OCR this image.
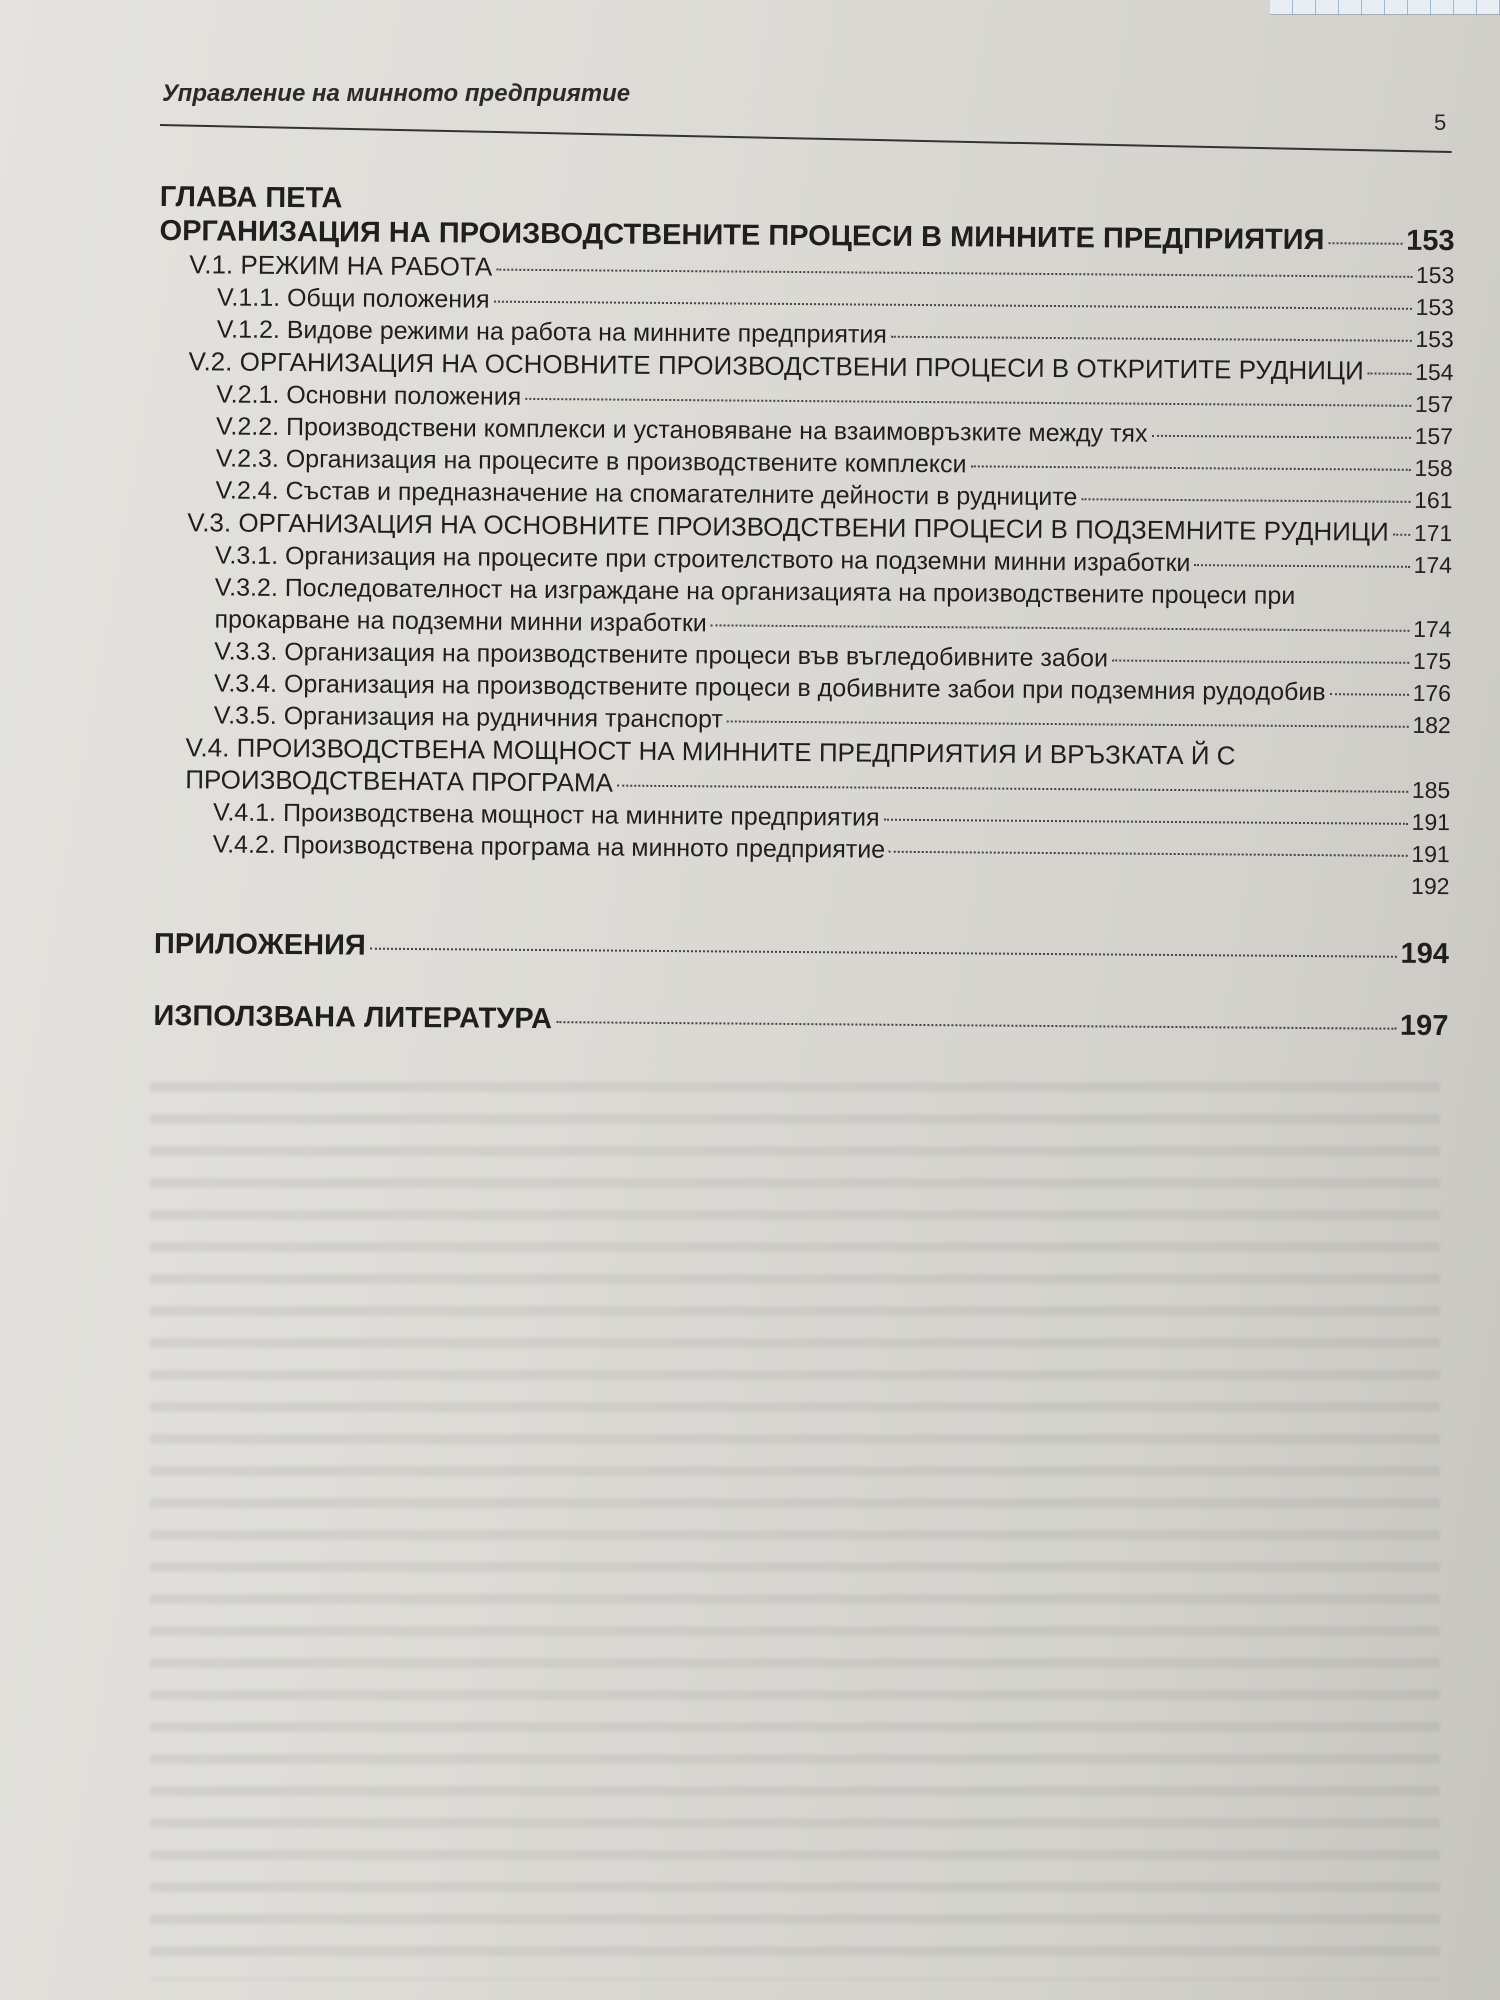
Управление на минното предприятие
5
ГЛАВА ПЕТА
ОРГАНИЗАЦИЯ НА ПРОИЗВОДСТВЕНИТЕ ПРОЦЕСИ В МИННИТЕ ПРЕДПРИЯТИЯ	153
V.1. РЕЖИМ НА РАБОТА	153
V.1.1. Общи положения	153
V.1.2. Видове режими на работа на минните предприятия	153
V.2. ОРГАНИЗАЦИЯ НА ОСНОВНИТЕ ПРОИЗВОДСТВЕНИ ПРОЦЕСИ В ОТКРИТИТЕ РУДНИЦИ 154
V.2.1. Основни положения	157
V.2.2. Производствени комплекси и установяване на взаимовръзките между тях	157
V.2.3. Организация на процесите в производствените комплекси	158
V.2.4. Състав и предназначение на спомагателните дейности в рудниците	161
V.3. ОРГАНИЗАЦИЯ НА ОСНОВНИТЕ ПРОИЗВОДСТВЕНИ ПРОЦЕСИ В ПОДЗЕМНИТЕ РУДНИЦИ 171
V.3.1. Организация на процесите при строителството на подземни минни изработки	174
V.3.2. Последователност на изграждане на организацията на производствените процеси при
прокарване на подземни минни изработки	174
V.3.3. Организация на производствените процеси във въгледобивните забои	175
V.3.4. Организация на производствените процеси в добивните забои при подземния рудодобив	176
V.3.5. Организация на рудничния транспорт	182
V.4. ПРОИЗВОДСТВЕНА МОЩНОСТ НА МИННИТЕ ПРЕДПРИЯТИЯ И ВРЪЗКАТА Й С
ПРОИЗВОДСТВЕНАТА ПРОГРАМА	185
V.4.1. Производствена мощност на минните предприятия	191
V.4.2. Производствена програма на минното предприятие	191
192
ПРИЛОЖЕНИЯ	194
ИЗПОЛЗВАНА ЛИТЕРАТУРА	197
